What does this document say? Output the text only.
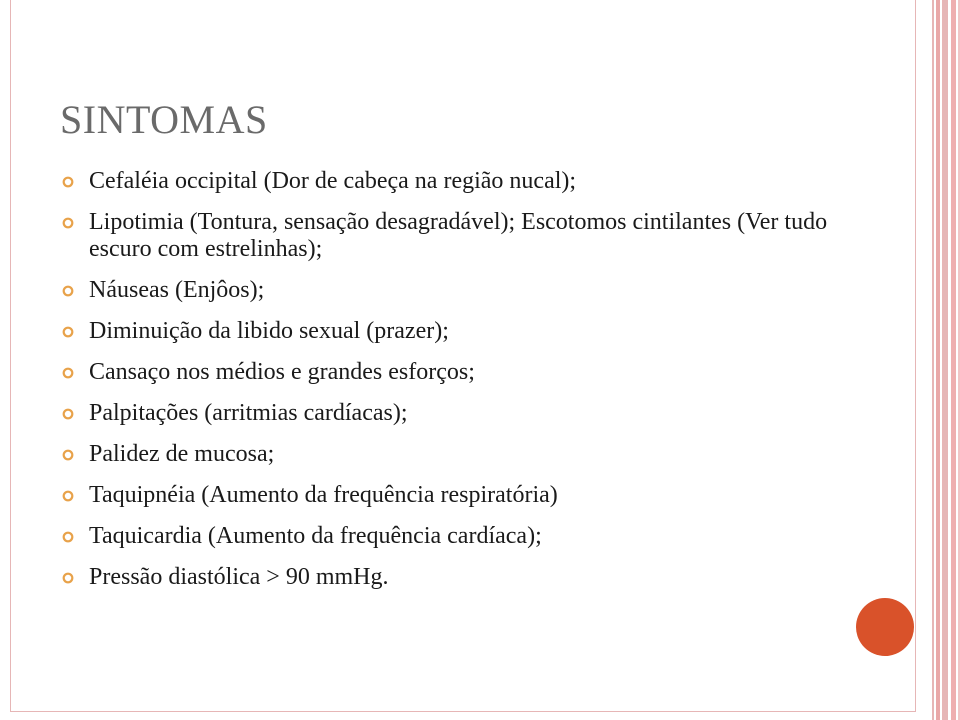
SINTOMAS
Cefaléia occipital (Dor de cabeça na região nucal);
Lipotimia (Tontura, sensação desagradável); Escotomos cintilantes (Ver tudo escuro com estrelinhas);
Náuseas (Enjôos);
Diminuição da libido sexual (prazer);
Cansaço nos médios e grandes esforços;
Palpitações (arritmias cardíacas);
Palidez de mucosa;
Taquipnéia (Aumento da frequência respiratória)
Taquicardia (Aumento da frequência cardíaca);
Pressão diastólica > 90 mmHg.
